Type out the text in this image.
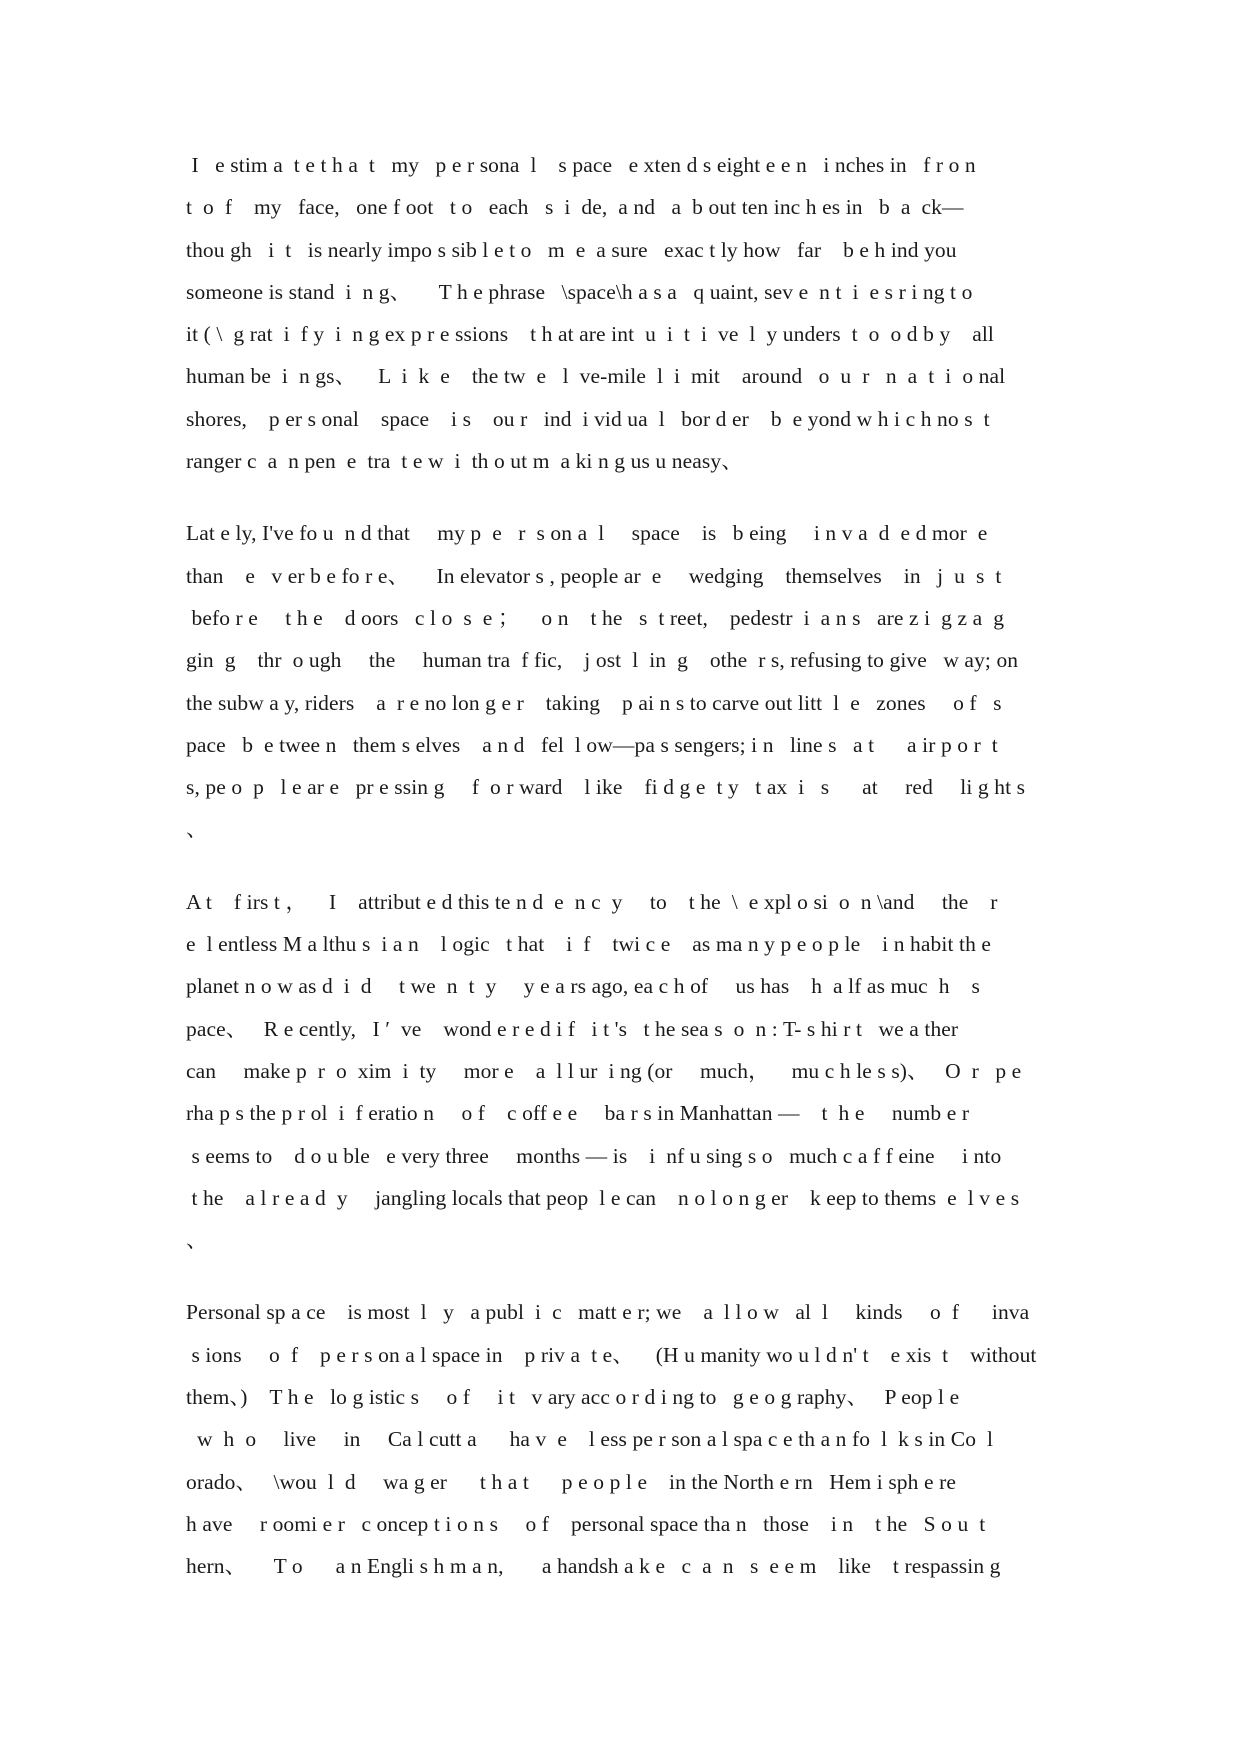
I   e stim a  t e t h a  t   my   p e r sona  l    s pace   e xten d s eight e e n   i nches in   f r o n
t  o  f    my   face,   one f oot   t o   each   s  i  de,  a nd   a  b out ten inc h es in   b  a  ck—
thou gh   i  t   is nearly impo s sib l e t o   m  e  a sure   exac t ly how   far    b e h ind you
someone is stand  i  n g、     T h e phrase   \space\h a s a   q uaint, sev e  n t  i  e s r i ng t o
it ( \  g rat  i  f y  i  n g ex p r e ssions    t h at are int  u  i  t  i  ve  l  y unders  t  o  o d b y    all
human be  i  n gs、    L  i  k  e    the tw  e   l  ve-mile  l  i  mit    around   o  u  r   n  a  t  i  o nal
shores,    p er s onal    space    i s    ou r   ind  i vid ua  l   bor d er    b  e yond w h i c h no s  t
ranger c  a  n pen  e  tra  t e w  i  th o ut m  a ki n g us u neasy、
Lat e ly, I've fo u  n d that     my p  e   r  s on a  l     space    is   b eing     i n v a  d  e d mor  e
than    e   v er b e fo r e、     In elevator s , people ar  e     wedging    themselves    in   j  u  s  t
befo r e     t h e    d oors   c l o  s  e ；    o n    t he   s  t reet,    pedestr  i  a n s   are z i  g z a  g
gin  g    thr  o ugh     the     human tra  f fic,    j ost  l  in  g    othe  r s, refusing to give   w ay; on
the subw a y, riders    a  r e no lon g e r    taking    p ai n s to carve out litt  l  e   zones     o f   s
pace   b  e twee n   them s elves    a n d   fel  l ow—pa s sengers; i n   line s   a t      a ir p o r  t
s, pe o  p   l e ar e   pr e ssin g     f  o r ward    l ike    fi d g e  t y   t ax  i   s      at     red     li g ht s
、
A t    f irs t ，    I    attribut e d this te n d  e  n c  y     to    t he  \  e xpl o si  o  n \and     the    r
e  l entless M a lthu s  i a n    l ogic   t hat    i  f    twi c e    as ma n y p e o p le    i n habit th e
planet n o w as d  i  d     t we  n  t  y     y e a rs ago, ea c h of     us has    h  a lf as muc  h    s
pace、   R e cently,   I ′  ve    wond e r e d i f   i t 's   t he sea s  o  n : T- s hi r t   we a ther
can     make p  r  o  xim  i  ty     mor e    a  l l ur  i ng (or     much，    mu c h le s s)、   O  r   p e
rha p s the p r ol  i  f eratio n     o f    c off e e     ba r s in Manhattan —    t  h e     numb e r
s eems to    d o u ble   e very three     months — is    i  nf u sing s o   much c a f f eine     i nto
t he    a l r e a d  y     jangling locals that peop  l e can    n o l o n g er    k eep to thems  e  l v e s
、
Personal sp a ce    is most  l   y   a publ  i  c   matt e r; we    a  l l o w   al  l     kinds     o  f      inva
s ions     o  f    p e r s on a l space in    p riv a  t e、    (H u manity wo u l d n' t    e xis  t    without
them、)    T h e   lo g istic s     o f     i t   v ary acc o r d i ng to   g e o g raphy、   P eop l e
w  h  o     live     in     Ca l cutt a      ha v  e    l ess pe r son a l spa c e th a n fo  l  k s in Co  l
orado、   \wou  l  d     wa g er      t h a t      p e o p l e    in the North e rn   Hem i sph e re
h ave     r oomi e r   c oncep t i o n s     o f    personal space tha n   those    i n    t he   S o u  t
hern、     T o      a n Engli s h m a n,       a handsh a k e   c  a  n   s  e e m    like    t respassin g
